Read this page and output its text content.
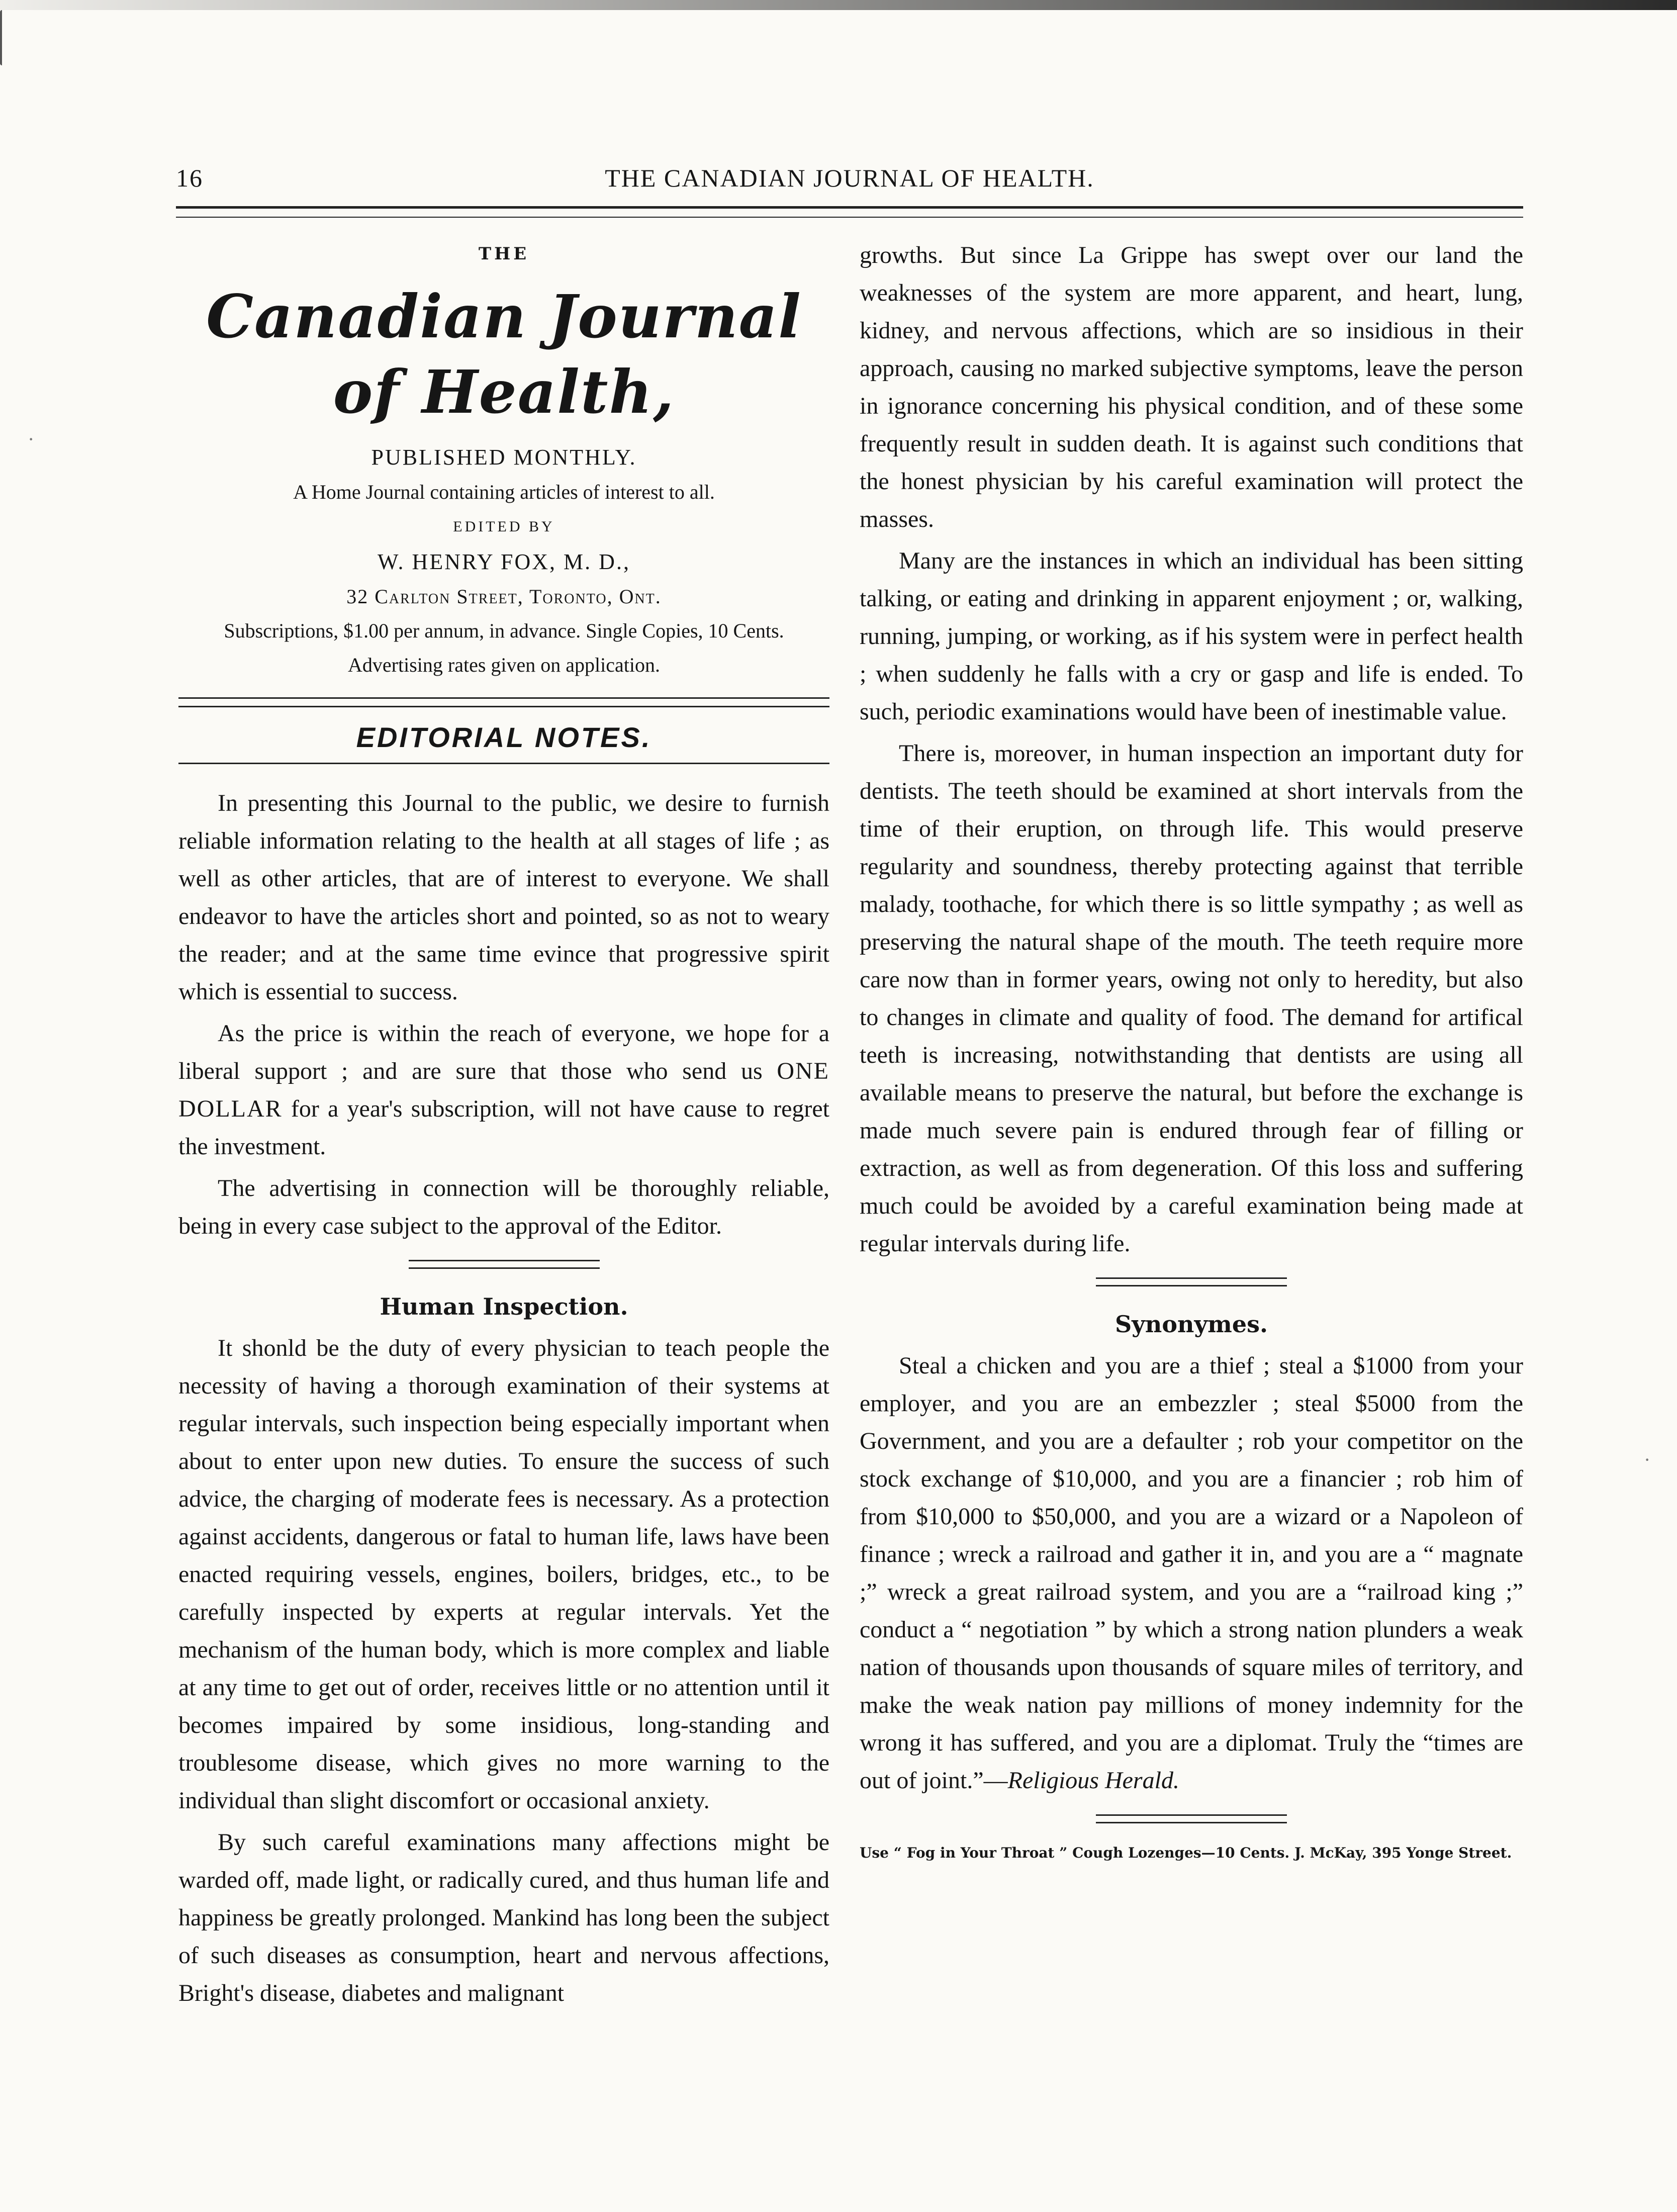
16	THE CANADIAN JOURNAL OF HEALTH.
THE
Canadian Journal of Health,
PUBLISHED MONTHLY.
A Home Journal containing articles of interest to all.
EDITED BY
W. HENRY FOX, M. D.,
32 Carlton Street, Toronto, Ont.
Subscriptions, $1.00 per annum, in advance. Single Copies, 10 Cents.
Advertising rates given on application.
EDITORIAL NOTES.

In presenting this Journal to the public, we desire to furnish reliable information relating to the health at all stages of life ; as well as other articles, that are of interest to everyone. We shall endeavor to have the articles short and pointed, so as not to weary the reader; and at the same time evince that progressive spirit which is essential to success.

As the price is within the reach of everyone, we hope for a liberal support ; and are sure that those who send us ONE DOLLAR for a year's subscription, will not have cause to regret the investment.

The advertising in connection will be thoroughly reliable, being in every case subject to the approval of the Editor.

Human Inspection.

It shonld be the duty of every physician to teach people the necessity of having a thorough examination of their systems at regular intervals, such inspection being especially important when about to enter upon new duties. To ensure the success of such advice, the charging of moderate fees is necessary. As a protection against accidents, dangerous or fatal to human life, laws have been enacted requiring vessels, engines, boilers, bridges, etc., to be carefully inspected by experts at regular intervals. Yet the mechanism of the human body, which is more complex and liable at any time to get out of order, receives little or no attention until it becomes impaired by some insidious, long-standing and troublesome disease, which gives no more warning to the individual than slight discomfort or occasional anxiety.

By such careful examinations many affections might be warded off, made light, or radically cured, and thus human life and happiness be greatly prolonged. Mankind has long been the subject of such diseases as consumption, heart and nervous affections, Bright's disease, diabetes and malignant

growths. But since La Grippe has swept over our land the weaknesses of the system are more apparent, and heart, lung, kidney, and nervous affections, which are so insidious in their approach, causing no marked subjective symptoms, leave the person in ignorance concerning his physical condition, and of these some frequently result in sudden death. It is against such conditions that the honest physician by his careful examination will protect the masses.

Many are the instances in which an individual has been sitting talking, or eating and drinking in apparent enjoyment ; or, walking, running, jumping, or working, as if his system were in perfect health ; when suddenly he falls with a cry or gasp and life is ended. To such, periodic examinations would have been of inestimable value.

There is, moreover, in human inspection an important duty for dentists. The teeth should be examined at short intervals from the time of their eruption, on through life. This would preserve regularity and soundness, thereby protecting against that terrible malady, toothache, for which there is so little sympathy ; as well as preserving the natural shape of the mouth. The teeth require more care now than in former years, owing not only to heredity, but also to changes in climate and quality of food. The demand for artifical teeth is increasing, notwithstanding that dentists are using all available means to preserve the natural, but before the exchange is made much severe pain is endured through fear of filling or extraction, as well as from degeneration. Of this loss and suffering much could be avoided by a careful examination being made at regular intervals during life.

Synonymes.

Steal a chicken and you are a thief ; steal a $1000 from your employer, and you are an embezzler ; steal $5000 from the Government, and you are a defaulter ; rob your competitor on the stock exchange of $10,000, and you are a financier ; rob him of from $10,000 to $50,000, and you are a wizard or a Napoleon of finance ; wreck a railroad and gather it in, and you are a “ magnate ;” wreck a great railroad system, and you are a “railroad king ;” conduct a “ negotiation ” by which a strong nation plunders a weak nation of thousands upon thousands of square miles of territory, and make the weak nation pay millions of money indemnity for the wrong it has suffered, and you are a diplomat. Truly the “times are out of joint.”—Religious Herald.

Use “ Fog in Your Throat ” Cough Lozenges—10 Cents. J. McKay, 395 Yonge Street.
·
·
